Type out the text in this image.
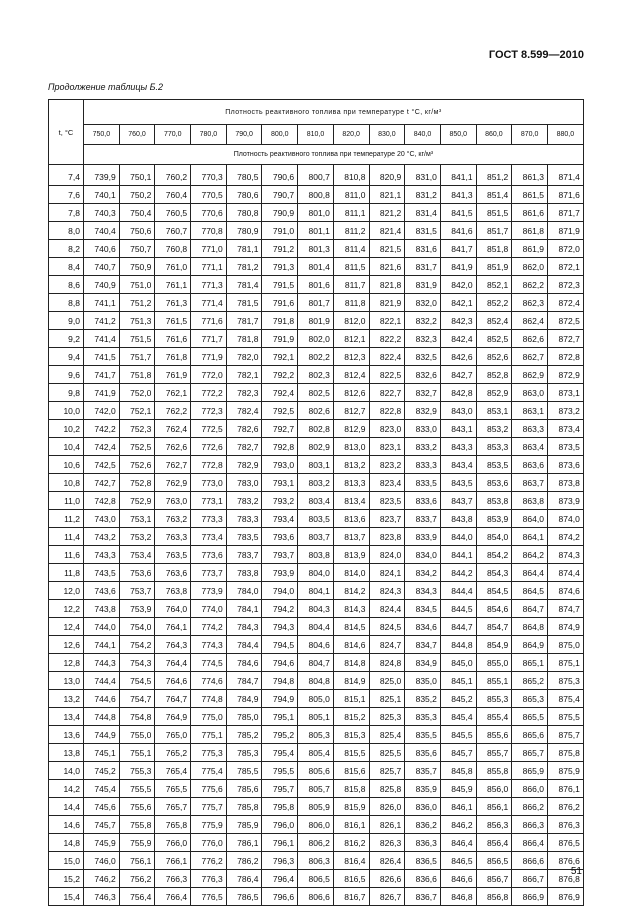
ГОСТ 8.599—2010
Продолжение таблицы Б.2
t, °C	Плотность реактивного топлива при температуре t °C, кг/м³													
	750,0	760,0	770,0	780,0	790,0	800,0	810,0	820,0	830,0	840,0	850,0	860,0	870,0	880,0
	Плотность реактивного топлива при температуре 20 °С, кг/м³													
7,4	739,9	750,1	760,2	770,3	780,5	790,6	800,7	810,8	820,9	831,0	841,1	851,2	861,3	871,4
7,6	740,1	750,2	760,4	770,5	780,6	790,7	800,8	811,0	821,1	831,2	841,3	851,4	861,5	871,6
7,8	740,3	750,4	760,5	770,6	780,8	790,9	801,0	811,1	821,2	831,4	841,5	851,5	861,6	871,7
8,0	740,4	750,6	760,7	770,8	780,9	791,0	801,1	811,2	821,4	831,5	841,6	851,7	861,8	871,9
8,2	740,6	750,7	760,8	771,0	781,1	791,2	801,3	811,4	821,5	831,6	841,7	851,8	861,9	872,0
8,4	740,7	750,9	761,0	771,1	781,2	791,3	801,4	811,5	821,6	831,7	841,9	851,9	862,0	872,1
8,6	740,9	751,0	761,1	771,3	781,4	791,5	801,6	811,7	821,8	831,9	842,0	852,1	862,2	872,3
8,8	741,1	751,2	761,3	771,4	781,5	791,6	801,7	811,8	821,9	832,0	842,1	852,2	862,3	872,4
9,0	741,2	751,3	761,5	771,6	781,7	791,8	801,9	812,0	822,1	832,2	842,3	852,4	862,4	872,5
9,2	741,4	751,5	761,6	771,7	781,8	791,9	802,0	812,1	822,2	832,3	842,4	852,5	862,6	872,7
9,4	741,5	751,7	761,8	771,9	782,0	792,1	802,2	812,3	822,4	832,5	842,6	852,6	862,7	872,8
9,6	741,7	751,8	761,9	772,0	782,1	792,2	802,3	812,4	822,5	832,6	842,7	852,8	862,9	872,9
9,8	741,9	752,0	762,1	772,2	782,3	792,4	802,5	812,6	822,7	832,7	842,8	852,9	863,0	873,1
10,0	742,0	752,1	762,2	772,3	782,4	792,5	802,6	812,7	822,8	832,9	843,0	853,1	863,1	873,2
10,2	742,2	752,3	762,4	772,5	782,6	792,7	802,8	812,9	823,0	833,0	843,1	853,2	863,3	873,4
10,4	742,4	752,5	762,6	772,6	782,7	792,8	802,9	813,0	823,1	833,2	843,3	853,3	863,4	873,5
10,6	742,5	752,6	762,7	772,8	782,9	793,0	803,1	813,2	823,2	833,3	843,4	853,5	863,6	873,6
10,8	742,7	752,8	762,9	773,0	783,0	793,1	803,2	813,3	823,4	833,5	843,5	853,6	863,7	873,8
11,0	742,8	752,9	763,0	773,1	783,2	793,2	803,4	813,4	823,5	833,6	843,7	853,8	863,8	873,9
11,2	743,0	753,1	763,2	773,3	783,3	793,4	803,5	813,6	823,7	833,7	843,8	853,9	864,0	874,0
11,4	743,2	753,2	763,3	773,4	783,5	793,6	803,7	813,7	823,8	833,9	844,0	854,0	864,1	874,2
11,6	743,3	753,4	763,5	773,6	783,7	793,7	803,8	813,9	824,0	834,0	844,1	854,2	864,2	874,3
11,8	743,5	753,6	763,6	773,7	783,8	793,9	804,0	814,0	824,1	834,2	844,2	854,3	864,4	874,4
12,0	743,6	753,7	763,8	773,9	784,0	794,0	804,1	814,2	824,3	834,3	844,4	854,5	864,5	874,6
12,2	743,8	753,9	764,0	774,0	784,1	794,2	804,3	814,3	824,4	834,5	844,5	854,6	864,7	874,7
12,4	744,0	754,0	764,1	774,2	784,3	794,3	804,4	814,5	824,5	834,6	844,7	854,7	864,8	874,9
12,6	744,1	754,2	764,3	774,3	784,4	794,5	804,6	814,6	824,7	834,7	844,8	854,9	864,9	875,0
12,8	744,3	754,3	764,4	774,5	784,6	794,6	804,7	814,8	824,8	834,9	845,0	855,0	865,1	875,1
13,0	744,4	754,5	764,6	774,6	784,7	794,8	804,8	814,9	825,0	835,0	845,1	855,1	865,2	875,3
13,2	744,6	754,7	764,7	774,8	784,9	794,9	805,0	815,1	825,1	835,2	845,2	855,3	865,3	875,4
13,4	744,8	754,8	764,9	775,0	785,0	795,1	805,1	815,2	825,3	835,3	845,4	855,4	865,5	875,5
13,6	744,9	755,0	765,0	775,1	785,2	795,2	805,3	815,3	825,4	835,5	845,5	855,6	865,6	875,7
13,8	745,1	755,1	765,2	775,3	785,3	795,4	805,4	815,5	825,5	835,6	845,7	855,7	865,7	875,8
14,0	745,2	755,3	765,4	775,4	785,5	795,5	805,6	815,6	825,7	835,7	845,8	855,8	865,9	875,9
14,2	745,4	755,5	765,5	775,6	785,6	795,7	805,7	815,8	825,8	835,9	845,9	856,0	866,0	876,1
14,4	745,6	755,6	765,7	775,7	785,8	795,8	805,9	815,9	826,0	836,0	846,1	856,1	866,2	876,2
14,6	745,7	755,8	765,8	775,9	785,9	796,0	806,0	816,1	826,1	836,2	846,2	856,3	866,3	876,3
14,8	745,9	755,9	766,0	776,0	786,1	796,1	806,2	816,2	826,3	836,3	846,4	856,4	866,4	876,5
15,0	746,0	756,1	766,1	776,2	786,2	796,3	806,3	816,4	826,4	836,5	846,5	856,5	866,6	876,6
15,2	746,2	756,2	766,3	776,3	786,4	796,4	806,5	816,5	826,6	836,6	846,6	856,7	866,7	876,8
15,4	746,3	756,4	766,4	776,5	786,5	796,6	806,6	816,7	826,7	836,7	846,8	856,8	866,9	876,9
51
